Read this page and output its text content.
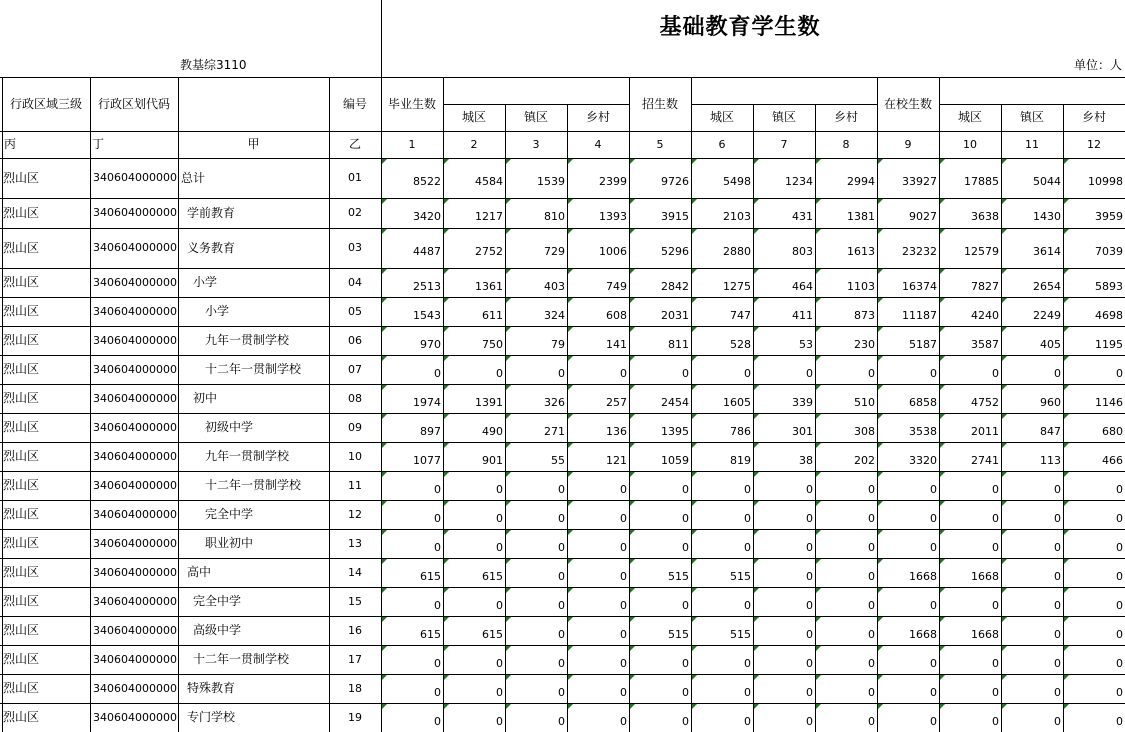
基础教育学生数
教基综3110	单位：人
行政区域三级	行政区划代码	编号	毕业生数	招生数	在校生数
城区	镇区	乡村	城区	镇区	乡村	城区	镇区	乡村
丙	丁	甲	乙	1	2	3	4	5	6	7	8	9	10	11	12
烈山区	340604000000 总计	01	8522	4584	1539	2399	9726	5498	1234	2994	33927	17885	5044	10998
烈山区	340604000000 学前教育	02	3420	1217	810	1393	3915	2103	431	1381	9027	3638	1430	3959
烈山区	340604000000 义务教育	03	4487	2752	729	1006	5296	2880	803	1613	23232	12579	3614	7039
烈山区	340604000000	小学	04	2513	1361	403	749	2842	1275	464	1103	16374	7827	2654	5893
烈山区	340604000000	小学	05	1543	611	324	608	2031	747	411	873	11187	4240	2249	4698
烈山区	340604000000	九年一贯制学校	06	970	750	79	141	811	528	53	230	5187	3587	405	1195
烈山区	340604000000	十二年一贯制学校	07	0	0	0	0	0	0	0	0	0	0	0	0
烈山区	340604000000	初中	08	1974	1391	326	257	2454	1605	339	510	6858	4752	960	1146
烈山区	340604000000	初级中学	09	897	490	271	136	1395	786	301	308	3538	2011	847	680
烈山区	340604000000	九年一贯制学校	10	1077	901	55	121	1059	819	38	202	3320	2741	113	466
烈山区	340604000000	十二年一贯制学校	11	0	0	0	0	0	0	0	0	0	0	0	0
烈山区	340604000000	完全中学	12	0	0	0	0	0	0	0	0	0	0	0	0
烈山区	340604000000	职业初中	13	0	0	0	0	0	0	0	0	0	0	0	0
烈山区	340604000000 高中	14	615	615	0	0	515	515	0	0	1668	1668	0	0
烈山区	340604000000	完全中学	15	0	0	0	0	0	0	0	0	0	0	0	0
烈山区	340604000000	高级中学	16	615	615	0	0	515	515	0	0	1668	1668	0	0
烈山区	340604000000	十二年一贯制学校	17	0	0	0	0	0	0	0	0	0	0	0	0
烈山区	340604000000 特殊教育	18	0	0	0	0	0	0	0	0	0	0	0	0
烈山区	340604000000 专门学校	19	0	0	0	0	0	0	0	0	0	0	0	0
